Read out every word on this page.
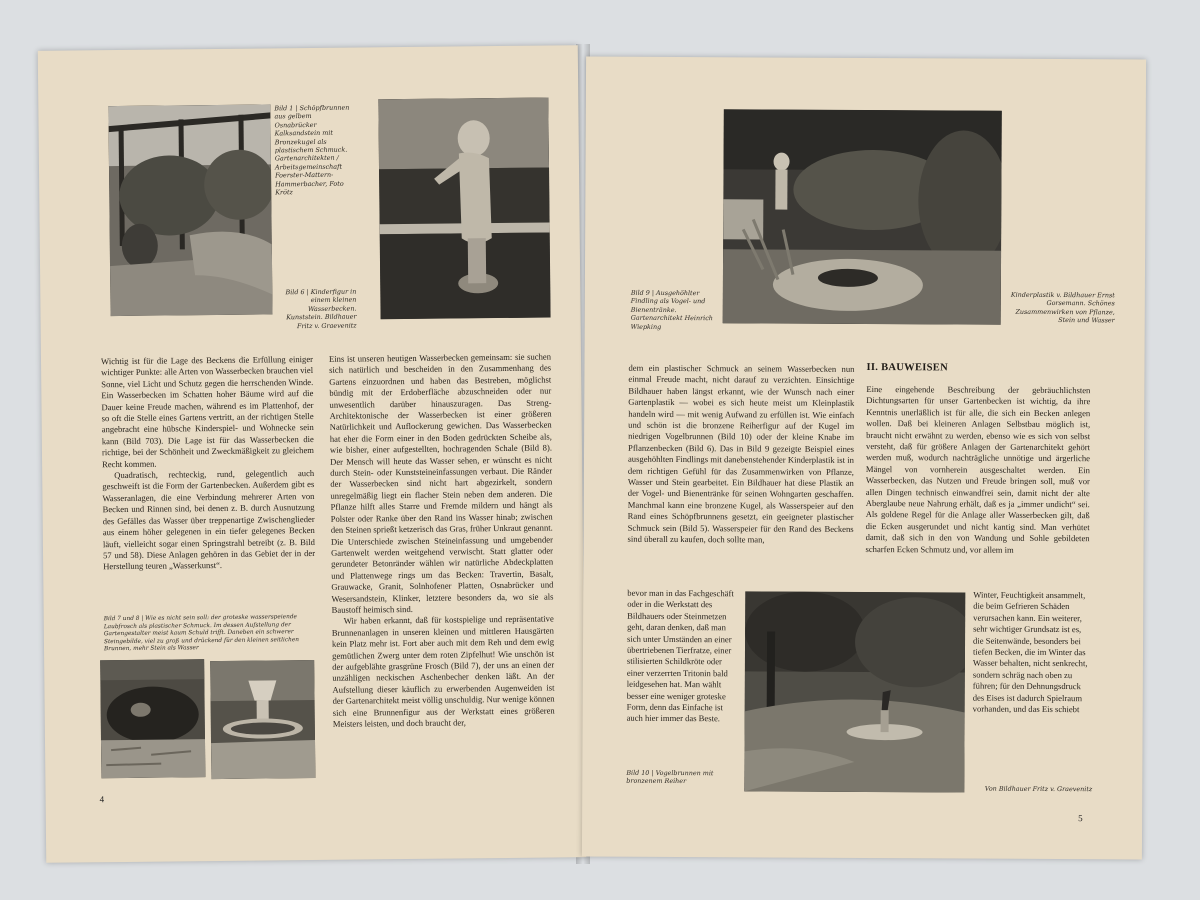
Bild 1 | Schöpfbrunnen aus gelbem Osnabrücker Kalksandstein mit Bronzekugel als plastischem Schmuck. Gartenarchitekten / Arbeitsgemeinschaft Foerster-Mattern-Hammerbacher, Foto Krötz
Bild 6 | Kinderfigur in einem kleinen Wasserbecken. Kunststein. Bildhauer Fritz v. Graevenitz

Wichtig ist für die Lage des Beckens die Erfüllung einiger wichtiger Punkte: alle Arten von Wasserbecken brauchen viel Sonne, viel Licht und Schutz gegen die herrschenden Winde. Ein Wasserbecken im Schatten hoher Bäume wird auf die Dauer keine Freude machen, während es im Plattenhof, der so oft die Stelle eines Gartens vertritt, an der richtigen Stelle angebracht eine hübsche Kinderspiel- und Wohnecke sein kann (Bild 703). Die Lage ist für das Wasserbecken die richtige, bei der Schönheit und Zweckmäßigkeit zu gleichem Recht kommen.

Quadratisch, rechteckig, rund, gelegentlich auch geschweift ist die Form der Gartenbecken. Außerdem gibt es Wasseranlagen, die eine Verbindung mehrerer Arten von Becken und Rinnen sind, bei denen z. B. durch Ausnutzung des Gefälles das Wasser über treppenartige Zwischenglieder aus einem höher gelegenen in ein tiefer gelegenes Becken läuft, vielleicht sogar einen Springstrahl betreibt (z. B. Bild 57 und 58). Diese Anlagen gehören in das Gebiet der in der Herstellung teuren „Wasserkunst“.

Eins ist unseren heutigen Wasserbecken gemeinsam: sie suchen sich natürlich und bescheiden in den Zusammenhang des Gartens einzuordnen und haben das Bestreben, möglichst bündig mit der Erdoberfläche abzuschneiden oder nur unwesentlich darüber hinauszuragen. Das Streng-Architektonische der Wasserbecken ist einer größeren Natürlichkeit und Auflockerung gewichen. Das Wasserbecken hat eher die Form einer in den Boden gedrückten Scheibe als, wie bisher, einer aufgestellten, hochragenden Schale (Bild 8). Der Mensch will heute das Wasser sehen, er wünscht es nicht durch Stein- oder Kunststeineinfassungen verbaut. Die Ränder der Wasserbecken sind nicht hart abgezirkelt, sondern unregelmäßig liegt ein flacher Stein neben dem anderen. Die Pflanze hilft alles Starre und Fremde mildern und hängt als Polster oder Ranke über den Rand ins Wasser hinab; zwischen den Steinen sprießt ketzerisch das Gras, früher Unkraut genannt. Die Unterschiede zwischen Steineinfassung und umgebender Gartenwelt werden weitgehend verwischt. Statt glatter oder gerundeter Betonränder wählen wir natürliche Abdeckplatten und Plattenwege rings um das Becken: Travertin, Basalt, Grauwacke, Granit, Solnhofener Platten, Osnabrücker und Wesersandstein, Klinker, letztere besonders da, wo sie als Baustoff heimisch sind.

Wir haben erkannt, daß für kostspielige und repräsentative Brunnenanlagen in unseren kleinen und mittleren Hausgärten kein Platz mehr ist. Fort aber auch mit dem Reh und dem ewig gemütlichen Zwerg unter dem roten Zipfelhut! Wie unschön ist der aufgeblähte grasgrüne Frosch (Bild 7), der uns an einen der unzähligen neckischen Aschenbecher denken läßt. An der Aufstellung dieser käuflich zu erwerbenden Augenweiden ist der Gartenarchitekt meist völlig unschuldig. Nur wenige können sich eine Brunnenfigur aus der Werkstatt eines größeren Meisters leisten, und doch braucht der,

Bild 7 und 8 | Wie es nicht sein soll: der groteske wasserspeiende Laubfrosch als plastischer Schmuck. Im dessen Aufstellung der Gartengestalter meist kaum Schuld trifft. Daneben ein schwerer Steingebilde, viel zu groß und drückend für den kleinen seitlichen Brunnen, mehr Stein als Wasser
4
Bild 9 | Ausgehöhlter Findling als Vogel- und Bienentränke. Gartenarchitekt Heinrich Wiepking
Kinderplastik v. Bildhauer Ernst Gorsemann. Schönes Zusammenwirken von Pflanze, Stein und Wasser

dem ein plastischer Schmuck an seinem Wasserbecken nun einmal Freude macht, nicht darauf zu verzichten. Einsichtige Bildhauer haben längst erkannt, wie der Wunsch nach einer Gartenplastik — wobei es sich heute meist um Kleinplastik handeln wird — mit wenig Aufwand zu erfüllen ist. Wie einfach und schön ist die bronzene Reiherfigur auf der Kugel im niedrigen Vogelbrunnen (Bild 10) oder der kleine Knabe im Pflanzenbecken (Bild 6). Das in Bild 9 gezeigte Beispiel eines ausgehöhlten Findlings mit danebenstehender Kinderplastik ist in dem richtigen Gefühl für das Zusammenwirken von Pflanze, Wasser und Stein gearbeitet. Ein Bildhauer hat diese Plastik an der Vogel- und Bienentränke für seinen Wohngarten geschaffen. Manchmal kann eine bronzene Kugel, als Wasserspeier auf den Rand eines Schöpfbrunnens gesetzt, ein geeigneter plastischer Schmuck sein (Bild 5). Wasserspeier für den Rand des Beckens sind überall zu kaufen, doch sollte man,

bevor man in das Fachgeschäft oder in die Werkstatt des Bildhauers oder Steinmetzen geht, daran denken, daß man sich unter Umständen an einer übertriebenen Tierfratze, einer stilisierten Schildkröte oder einer verzerrten Tritonin bald leidgesehen hat. Man wählt besser eine weniger groteske Form, denn das Einfache ist auch hier immer das Beste.

II. BAUWEISEN

Eine eingehende Beschreibung der gebräuchlichsten Dichtungsarten für unser Gartenbecken ist wichtig, da ihre Kenntnis unerläßlich ist für alle, die sich ein Becken anlegen wollen. Daß bei kleineren Anlagen Selbstbau möglich ist, braucht nicht erwähnt zu werden, ebenso wie es sich von selbst versteht, daß für größere Anlagen der Gartenarchitekt gehört werden muß, wodurch nachträgliche unnötige und ärgerliche Mängel von vornherein ausgeschaltet werden. Ein Wasserbecken, das Nutzen und Freude bringen soll, muß vor allen Dingen technisch einwandfrei sein, damit nicht der alte Aberglaube neue Nahrung erhält, daß es ja „immer undicht“ sei. Als goldene Regel für die Anlage aller Wasserbecken gilt, daß die Ecken ausgerundet und nicht kantig sind. Man verhütet damit, daß sich in den von Wandung und Sohle gebildeten scharfen Ecken Schmutz und, vor allem im

Winter, Feuchtigkeit ansammelt, die beim Gefrieren Schäden verursachen kann. Ein weiterer, sehr wichtiger Grundsatz ist es, die Seitenwände, besonders bei tiefen Becken, die im Winter das Wasser behalten, nicht senkrecht, sondern schräg nach oben zu führen; für den Dehnungsdruck des Eises ist dadurch Spielraum vorhanden, und das Eis schiebt

Bild 10 | Vogelbrunnen mit bronzenem Reiher
Von Bildhauer Fritz v. Graevenitz
5
